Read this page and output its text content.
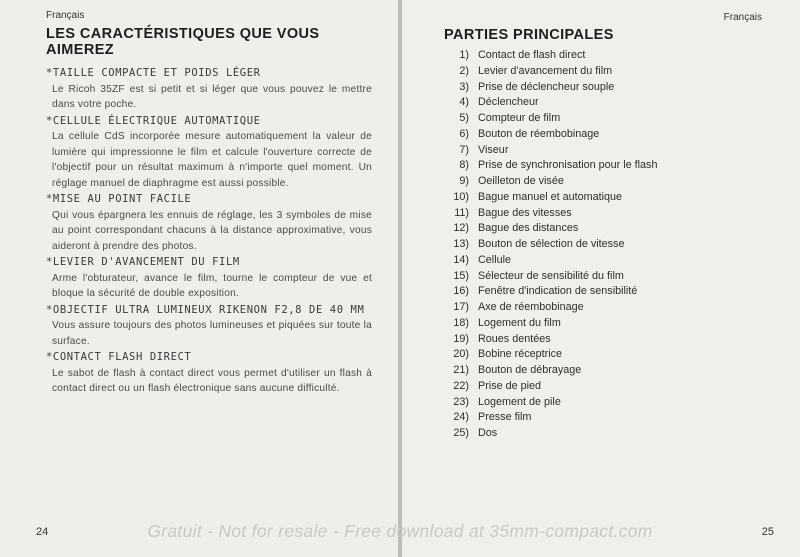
Français
LES CARACTÉRISTIQUES QUE VOUS
AIMEREZ
*TAILLE COMPACTE ET POIDS LÉGER
Le Ricoh 35ZF est si petit et si léger que vous pouvez le mettre dans votre poche.
*CELLULE ÉLECTRIQUE AUTOMATIQUE
La cellule CdS incorporée mesure automatiquement la valeur de lumière qui impressionne le film et calcule l'ouverture correcte de l'objectif pour un résultat maximum à n'importe quel moment. Un réglage manuel de diaphragme est aussi possible.
*MISE AU POINT FACILE
Qui vous épargnera les ennuis de réglage, les 3 symboles de mise au point correspondant chacuns à la distance approximative, vous aideront à prendre des photos.
*LEVIER D'AVANCEMENT DU FILM
Arme l'obturateur, avance le film, tourne le compteur de vue et bloque la sécurité de double exposition.
*OBJECTIF ULTRA LUMINEUX RIKENON F2,8 DE 40 MM
Vous assure toujours des photos lumineuses et piquées sur toute la surface.
*CONTACT FLASH DIRECT
Le sabot de flash à contact direct vous permet d'utiliser un flash à contact direct ou un flash électronique sans aucune difficulté.
24
Français
PARTIES PRINCIPALES
1) Contact de flash direct
2) Levier d'avancement du film
3) Prise de déclencheur souple
4) Déclencheur
5) Compteur de film
6) Bouton de réembobinage
7) Viseur
8) Prise de synchronisation pour le flash
9) Oeilleton de visée
10) Bague manuel et automatique
11) Bague des vitesses
12) Bague des distances
13) Bouton de sélection de vitesse
14) Cellule
15) Sélecteur de sensibilité du film
16) Fenêtre d'indication de sensibilité
17) Axe de réembobinage
18) Logement du film
19) Roues dentées
20) Bobine réceptrice
21) Bouton de débrayage
22) Prise de pied
23) Logement de pile
24) Presse film
25) Dos
25
Gratuit - Not for resale - Free download at 35mm-compact.com
